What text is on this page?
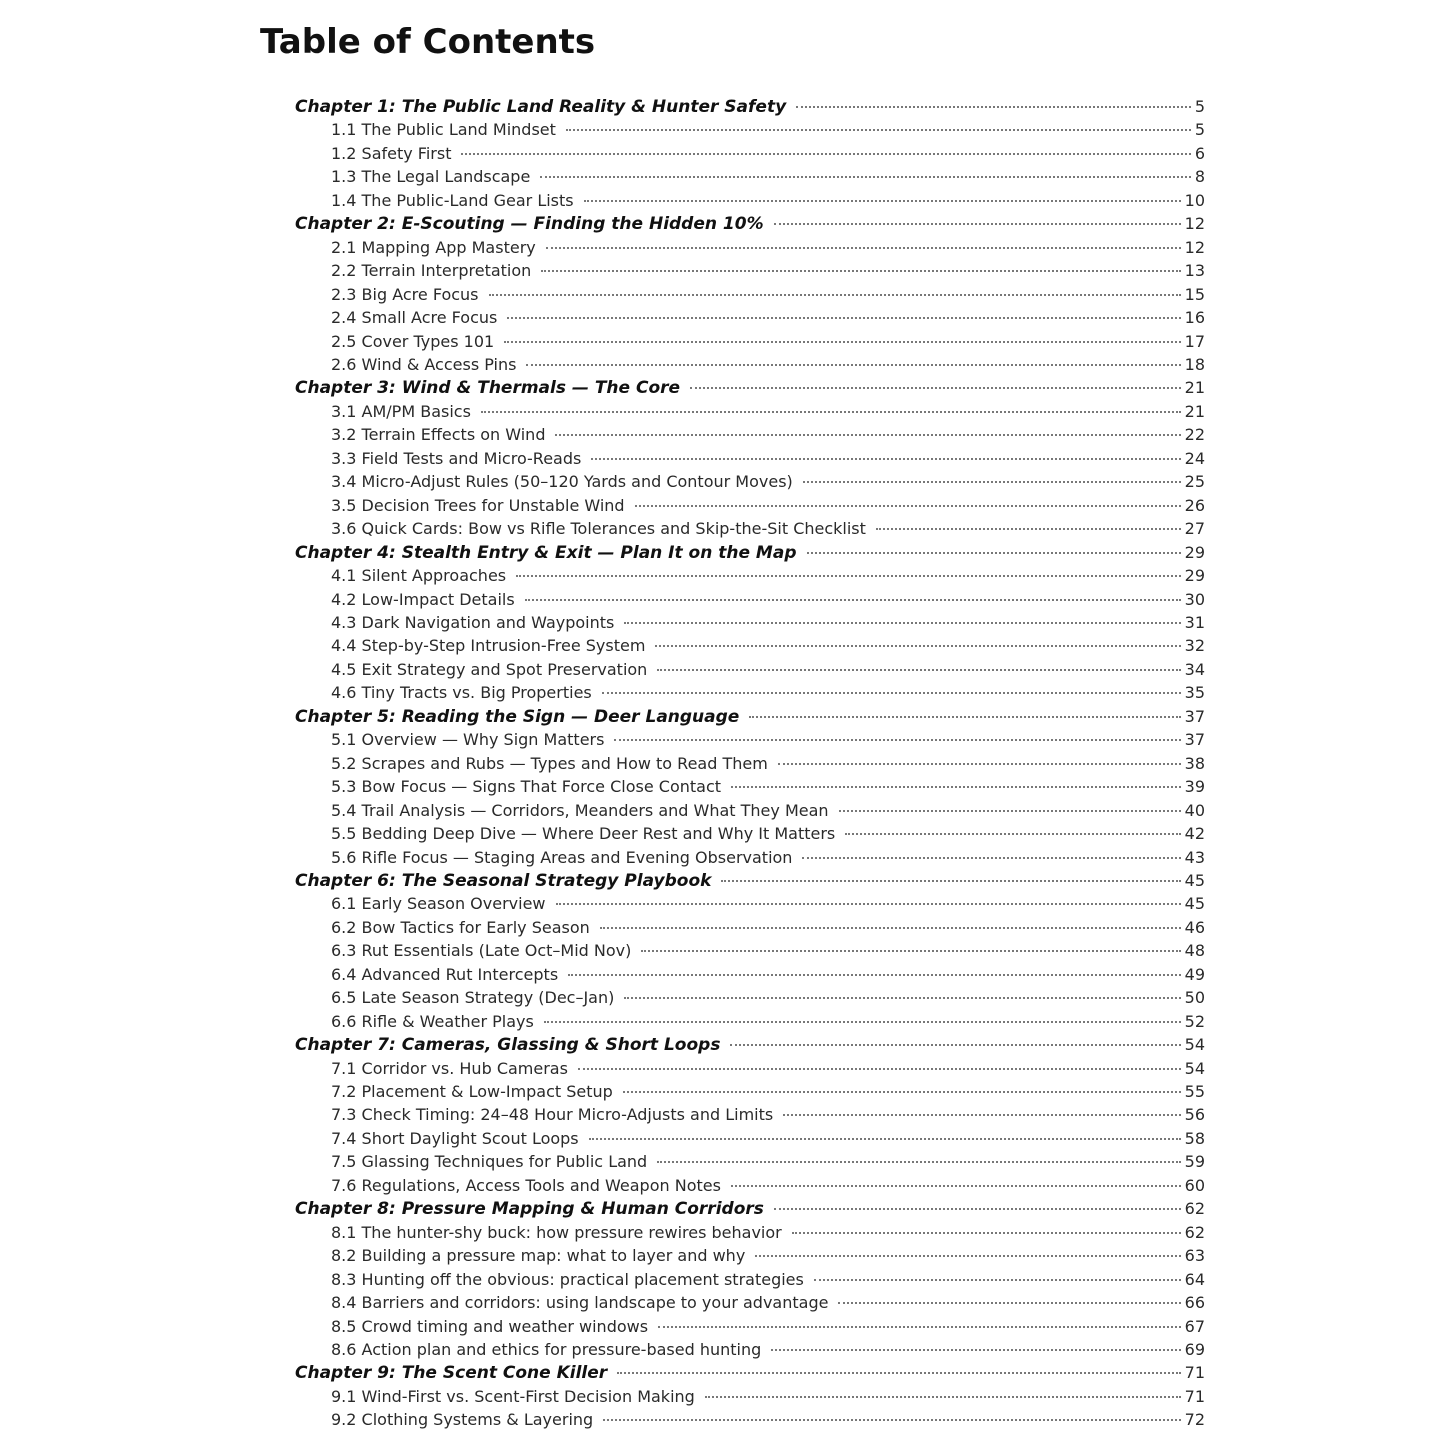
Table of Contents
Chapter 1: The Public Land Reality & Hunter Safety	5
1.1 The Public Land Mindset	5
1.2 Safety First	6
1.3 The Legal Landscape	8
1.4 The Public-Land Gear Lists	10
Chapter 2: E-Scouting — Finding the Hidden 10%	12
2.1 Mapping App Mastery	12
2.2 Terrain Interpretation	13
2.3 Big Acre Focus	15
2.4 Small Acre Focus	16
2.5 Cover Types 101	17
2.6 Wind & Access Pins	18
Chapter 3: Wind & Thermals — The Core	21
3.1 AM/PM Basics	21
3.2 Terrain Effects on Wind	22
3.3 Field Tests and Micro-Reads	24
3.4 Micro-Adjust Rules (50–120 Yards and Contour Moves)	25
3.5 Decision Trees for Unstable Wind	26
3.6 Quick Cards: Bow vs Rifle Tolerances and Skip-the-Sit Checklist	27
Chapter 4: Stealth Entry & Exit — Plan It on the Map	29
4.1 Silent Approaches	29
4.2 Low-Impact Details	30
4.3 Dark Navigation and Waypoints	31
4.4 Step-by-Step Intrusion-Free System	32
4.5 Exit Strategy and Spot Preservation	34
4.6 Tiny Tracts vs. Big Properties	35
Chapter 5: Reading the Sign — Deer Language	37
5.1 Overview — Why Sign Matters	37
5.2 Scrapes and Rubs — Types and How to Read Them	38
5.3 Bow Focus — Signs That Force Close Contact	39
5.4 Trail Analysis — Corridors, Meanders and What They Mean	40
5.5 Bedding Deep Dive — Where Deer Rest and Why It Matters	42
5.6 Rifle Focus — Staging Areas and Evening Observation	43
Chapter 6: The Seasonal Strategy Playbook	45
6.1 Early Season Overview	45
6.2 Bow Tactics for Early Season	46
6.3 Rut Essentials (Late Oct–Mid Nov)	48
6.4 Advanced Rut Intercepts	49
6.5 Late Season Strategy (Dec–Jan)	50
6.6 Rifle & Weather Plays	52
Chapter 7: Cameras, Glassing & Short Loops	54
7.1 Corridor vs. Hub Cameras	54
7.2 Placement & Low-Impact Setup	55
7.3 Check Timing: 24–48 Hour Micro-Adjusts and Limits	56
7.4 Short Daylight Scout Loops	58
7.5 Glassing Techniques for Public Land	59
7.6 Regulations, Access Tools and Weapon Notes	60
Chapter 8: Pressure Mapping & Human Corridors	62
8.1 The hunter-shy buck: how pressure rewires behavior	62
8.2 Building a pressure map: what to layer and why	63
8.3 Hunting off the obvious: practical placement strategies	64
8.4 Barriers and corridors: using landscape to your advantage	66
8.5 Crowd timing and weather windows	67
8.6 Action plan and ethics for pressure-based hunting	69
Chapter 9: The Scent Cone Killer	71
9.1 Wind-First vs. Scent-First Decision Making	71
9.2 Clothing Systems & Layering	72
